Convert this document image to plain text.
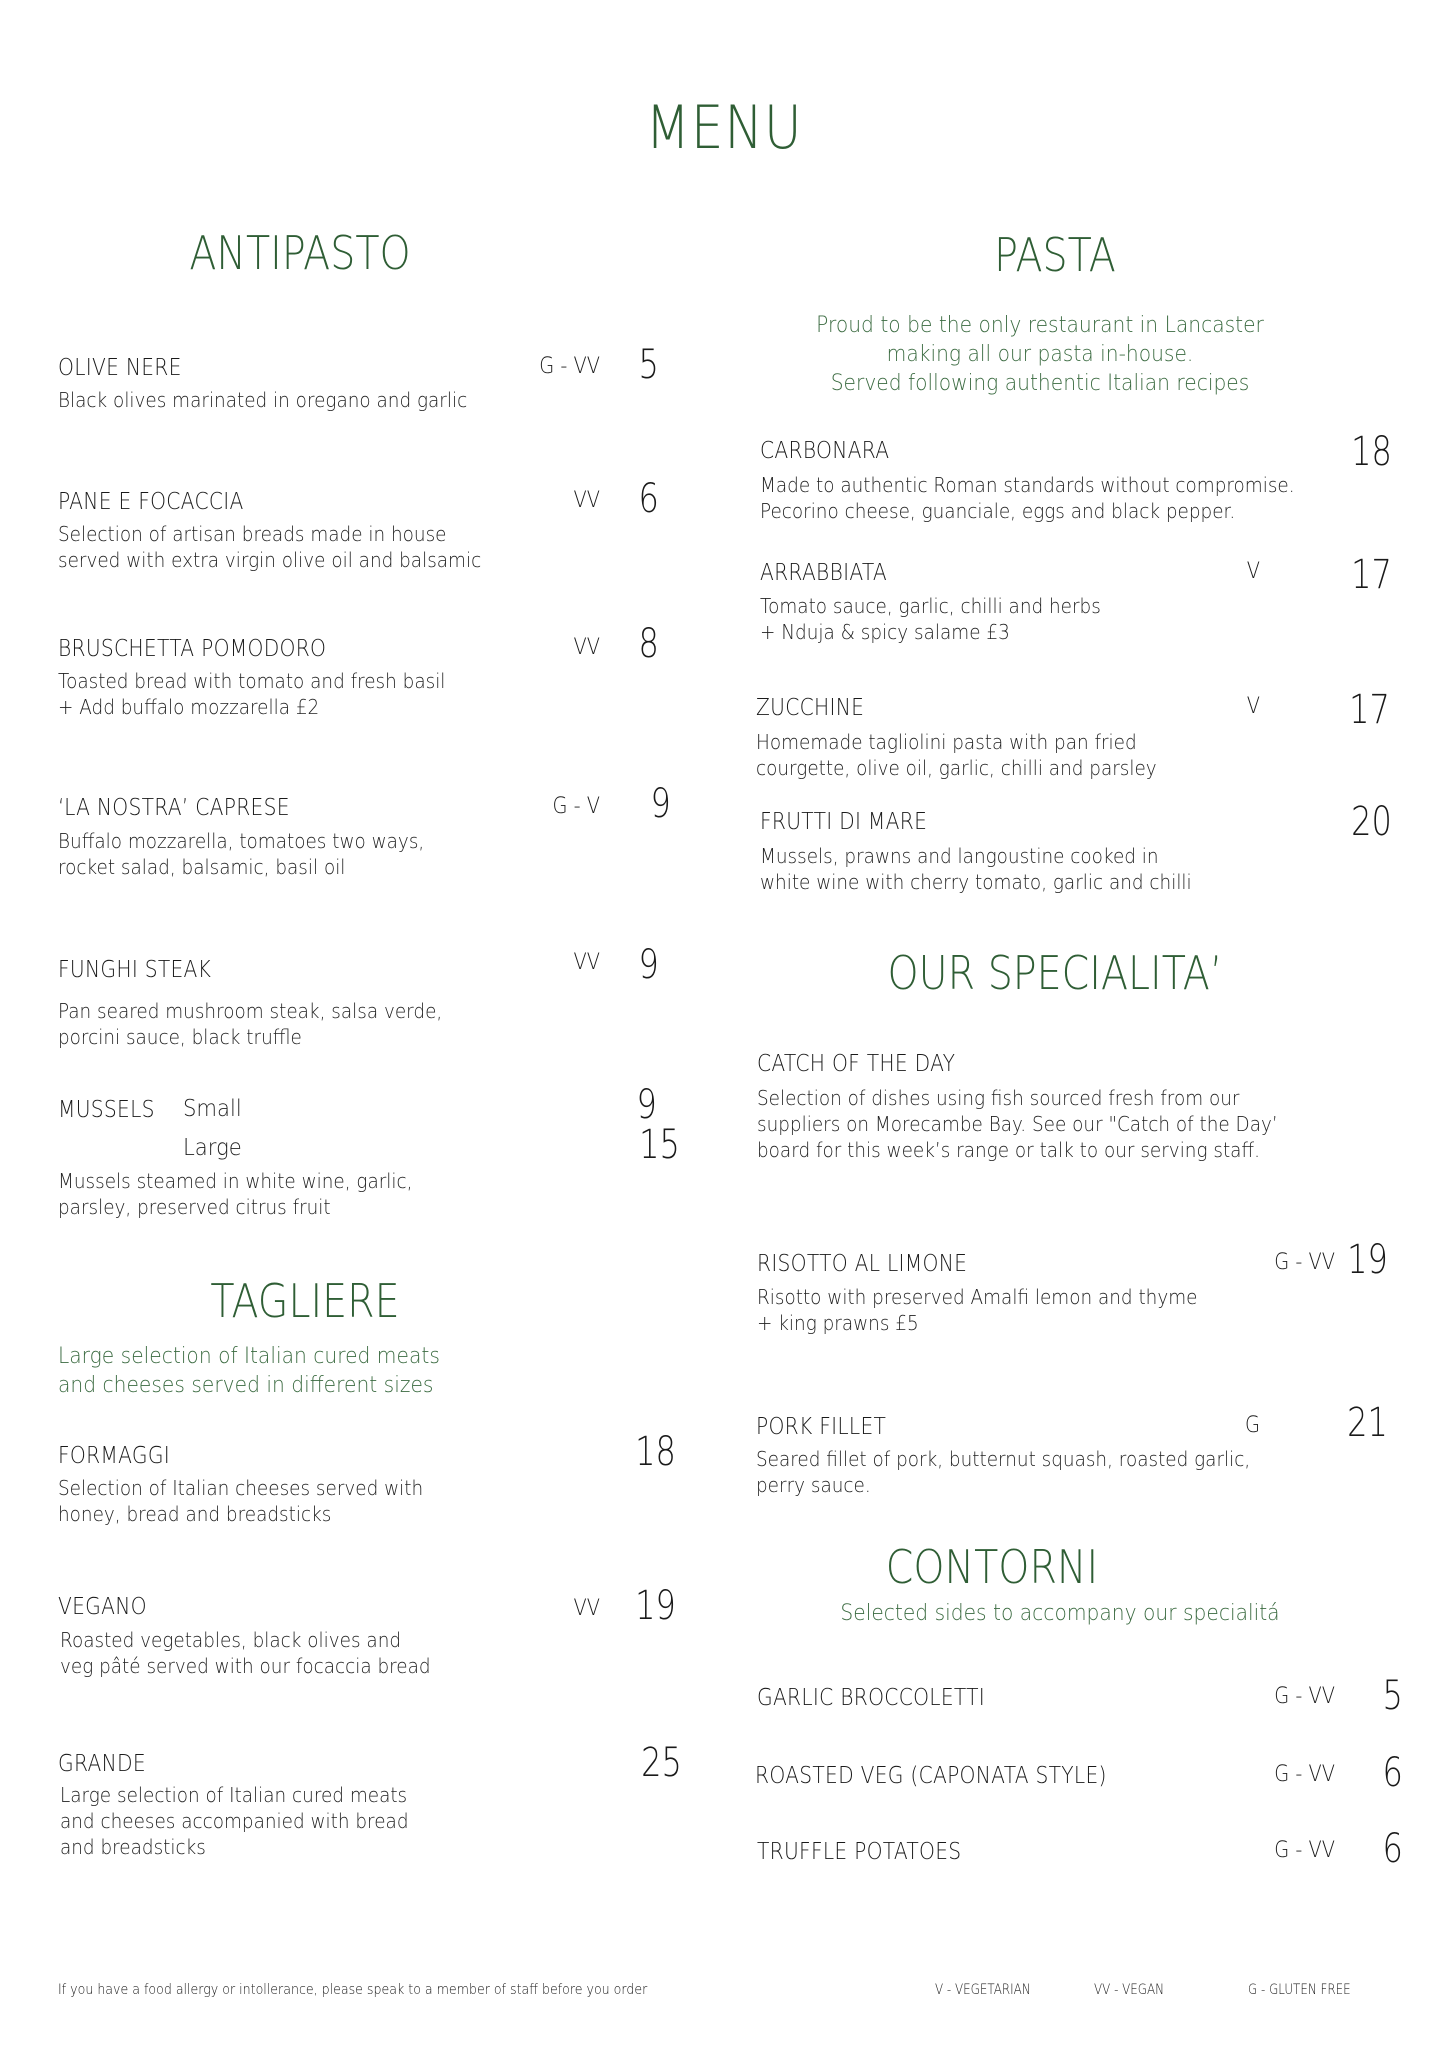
MENU
ANTIPASTO
OLIVE NERE	G - VV 5
Black olives marinated in oregano and garlic
PANE E FOCACCIA	VV 6
Selection of artisan breads made in house
served with extra virgin olive oil and balsamic
BRUSCHETTA POMODORO	VV 8
Toasted bread with tomato and fresh basil
+ Add buffalo mozzarella £2
‘LA NOSTRA’ CAPRESE	G - V 9
Buffalo mozzarella, tomatoes two ways,
rocket salad, balsamic, basil oil
FUNGHI STEAK	VV 9
Pan seared mushroom steak, salsa verde,
porcini sauce, black truffle
MUSSELS Small	9
Large	15
Mussels steamed in white wine, garlic,
parsley, preserved citrus fruit
TAGLIERE
Large selection of Italian cured meats
and cheeses served in different sizes
FORMAGGI	18
Selection of Italian cheeses served with
honey, bread and breadsticks
VEGANO	VV 19
Roasted vegetables, black olives and
veg pâté served with our focaccia bread
GRANDE	25
Large selection of Italian cured meats
and cheeses accompanied with bread
and breadsticks
PASTA
Proud to be the only restaurant in Lancaster
making all our pasta in-house.
Served following authentic Italian recipes
CARBONARA	18
Made to authentic Roman standards without compromise.
Pecorino cheese, guanciale, eggs and black pepper.
ARRABBIATA	V 17
Tomato sauce, garlic, chilli and herbs
+ Nduja & spicy salame £3
ZUCCHINE	V 17
Homemade tagliolini pasta with pan fried
courgette, olive oil, garlic, chilli and parsley
FRUTTI DI MARE	20
Mussels, prawns and langoustine cooked in
white wine with cherry tomato, garlic and chilli
OUR SPECIALITA’
CATCH OF THE DAY
Selection of dishes using fish sourced fresh from our
suppliers on Morecambe Bay. See our "Catch of the Day’
board for this week’s range or talk to our serving staff.
RISOTTO AL LIMONE	G - VV 19
Risotto with preserved Amalfi lemon and thyme
+ king prawns £5
PORK FILLET	G 21
Seared fillet of pork, butternut squash, roasted garlic,
perry sauce.
CONTORNI
Selected sides to accompany our specialitá
GARLIC BROCCOLETTI	G - VV 5
ROASTED VEG (CAPONATA STYLE)	G - VV 6
TRUFFLE POTATOES	G - VV 6
If you have a food allergy or intollerance, please speak to a member of staff before you order	V - VEGETARIAN	VV - VEGAN	G - GLUTEN FREE
